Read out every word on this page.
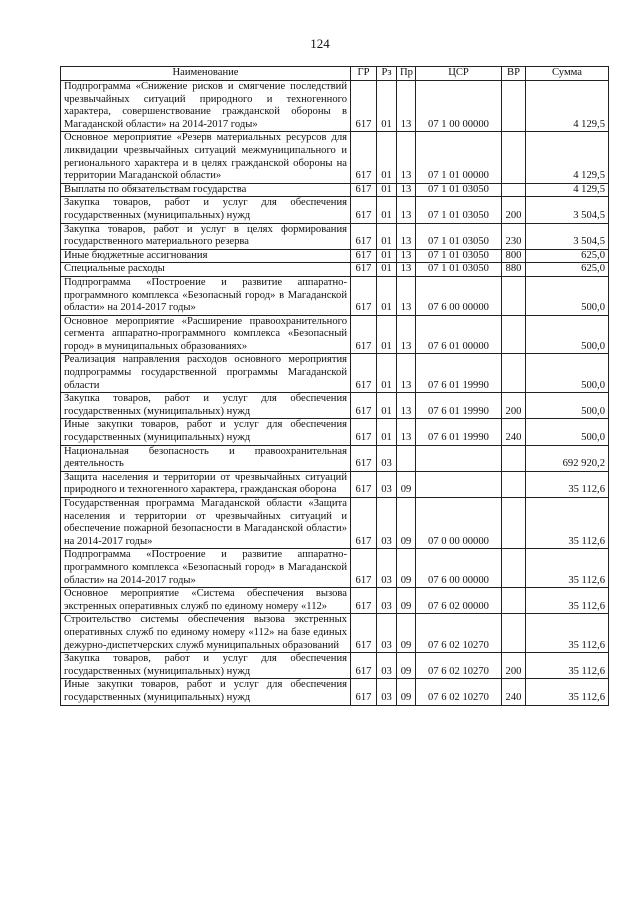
124
Наименование	ГР	Рз	Пр	ЦСР	ВР	Сумма
Подпрограмма «Снижение рисков и смягчение последствий чрезвычайных ситуаций природного и техногенного характера, совершенствование гражданской обороны в Магаданской области» на 2014-2017 годы»	617	01	13	07 1 00 00000		4 129,5
Основное мероприятие «Резерв материальных ресурсов для ликвидации чрезвычайных ситуаций межмуниципального и регионального характера и в целях гражданской обороны на территории Магаданской области»	617	01	13	07 1 01 00000		4 129,5
Выплаты по обязательствам государства	617	01	13	07 1 01 03050		4 129,5
Закупка товаров, работ и услуг для обеспечения государственных (муниципальных) нужд	617	01	13	07 1 01 03050	200	3 504,5
Закупка товаров, работ и услуг в целях формирования государственного материального резерва	617	01	13	07 1 01 03050	230	3 504,5
Иные бюджетные ассигнования	617	01	13	07 1 01 03050	800	625,0
Специальные расходы	617	01	13	07 1 01 03050	880	625,0
Подпрограмма «Построение и развитие аппаратно-программного комплекса «Безопасный город» в Магаданской области» на 2014-2017 годы»	617	01	13	07 6 00 00000		500,0
Основное мероприятие «Расширение правоохранительного сегмента аппаратно-программного комплекса «Безопасный город» в муниципальных образованиях»	617	01	13	07 6 01 00000		500,0
Реализация направления расходов основного мероприятия подпрограммы государственной программы Магаданской области	617	01	13	07 6 01 19990		500,0
Закупка товаров, работ и услуг для обеспечения государственных (муниципальных) нужд	617	01	13	07 6 01 19990	200	500,0
Иные закупки товаров, работ и услуг для обеспечения государственных (муниципальных) нужд	617	01	13	07 6 01 19990	240	500,0
Национальная безопасность и правоохранительная деятельность	617	03				692 920,2
Защита населения и территории от чрезвычайных ситуаций природного и техногенного характера, гражданская оборона	617	03	09			35 112,6
Государственная программа Магаданской области «Защита населения и территории от чрезвычайных ситуаций и обеспечение пожарной безопасности в Магаданской области» на 2014-2017 годы»	617	03	09	07 0 00 00000		35 112,6
Подпрограмма «Построение и развитие аппаратно-программного комплекса «Безопасный город» в Магаданской области» на 2014-2017 годы»	617	03	09	07 6 00 00000		35 112,6
Основное мероприятие «Система обеспечения вызова экстренных оперативных служб по единому номеру «112»	617	03	09	07 6 02 00000		35 112,6
Строительство системы обеспечения вызова экстренных оперативных служб по единому номеру «112» на базе единых дежурно-диспетчерских служб муниципальных образований	617	03	09	07 6 02 10270		35 112,6
Закупка товаров, работ и услуг для обеспечения государственных (муниципальных) нужд	617	03	09	07 6 02 10270	200	35 112,6
Иные закупки товаров, работ и услуг для обеспечения государственных (муниципальных) нужд	617	03	09	07 6 02 10270	240	35 112,6
